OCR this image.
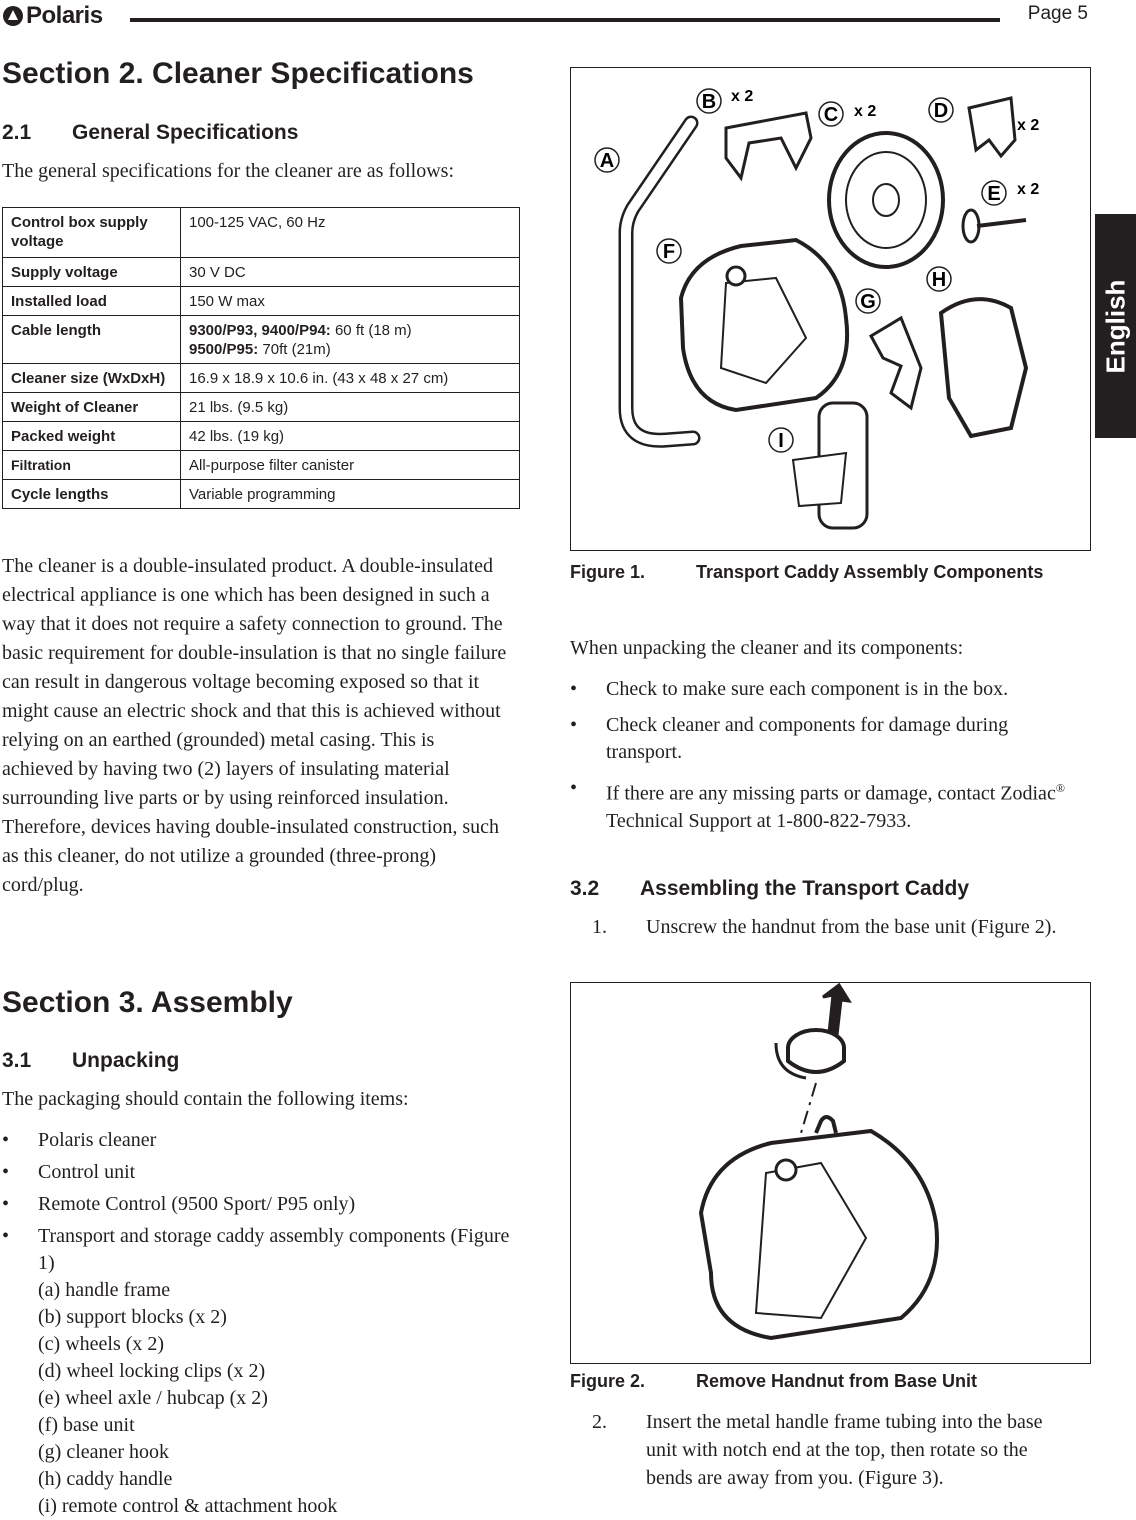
Polaris	Page 5
English
Section 2. Cleaner Specifications
2.1 General Specifications

The general specifications for the cleaner are as follows:

Control box supply voltage	100-125 VAC, 60 Hz
Supply voltage	30 V DC
Installed load	150 W max
Cable length	9300/P93, 9400/P94: 60 ft (18 m)
9500/P95: 70ft (21m)
Cleaner size (WxDxH)	16.9 x 18.9 x 10.6 in. (43 x 48 x 27 cm)
Weight of Cleaner	21 lbs. (9.5 kg)
Packed weight	42 lbs. (19 kg)
Filtration	All-purpose filter canister
Cycle lengths	Variable programming

The cleaner is a double-insulated product. A double-insulated electrical appliance is one which has been designed in such a way that it does not require a safety connection to ground. The basic requirement for double-insulation is that no single failure can result in dangerous voltage becoming exposed so that it might cause an electric shock and that this is achieved without relying on an earthed (grounded) metal casing. This is achieved by having two (2) layers of insulating material surrounding live parts or by using reinforced insulation. Therefore, devices having double-insulated construction, such as this cleaner, do not utilize a grounded (three-prong) cord/plug.

Section 3. Assembly
3.1 Unpacking

The packaging should contain the following items:

• Polaris cleaner
• Control unit
• Remote Control (9500 Sport/ P95 only)
• Transport and storage caddy assembly components (Figure 1)
(a) handle frame
(b) support blocks (x 2)
(c) wheels (x 2)
(d) wheel locking clips (x 2)
(e) wheel axle / hubcap (x 2)
(f) base unit
(g) cleaner hook
(h) caddy handle
(i) remote control & attachment hook
A
B
C	D
E
F
G
H
I
x 2
x 2
x 2
x 2
Figure 1.	Transport Caddy Assembly Components

When unpacking the cleaner and its components:

• Check to make sure each component is in the box.
• Check cleaner and components for damage during transport.
• If there are any missing parts or damage, contact Zodiac® Technical Support at 1-800-822-7933.
3.2 Assembling the Transport Caddy
1. Unscrew the handnut from the base unit (Figure 2).
Figure 2.	Remove Handnut from Base Unit
2. Insert the metal handle frame tubing into the base unit with notch end at the top, then rotate so the bends are away from you. (Figure 3).
